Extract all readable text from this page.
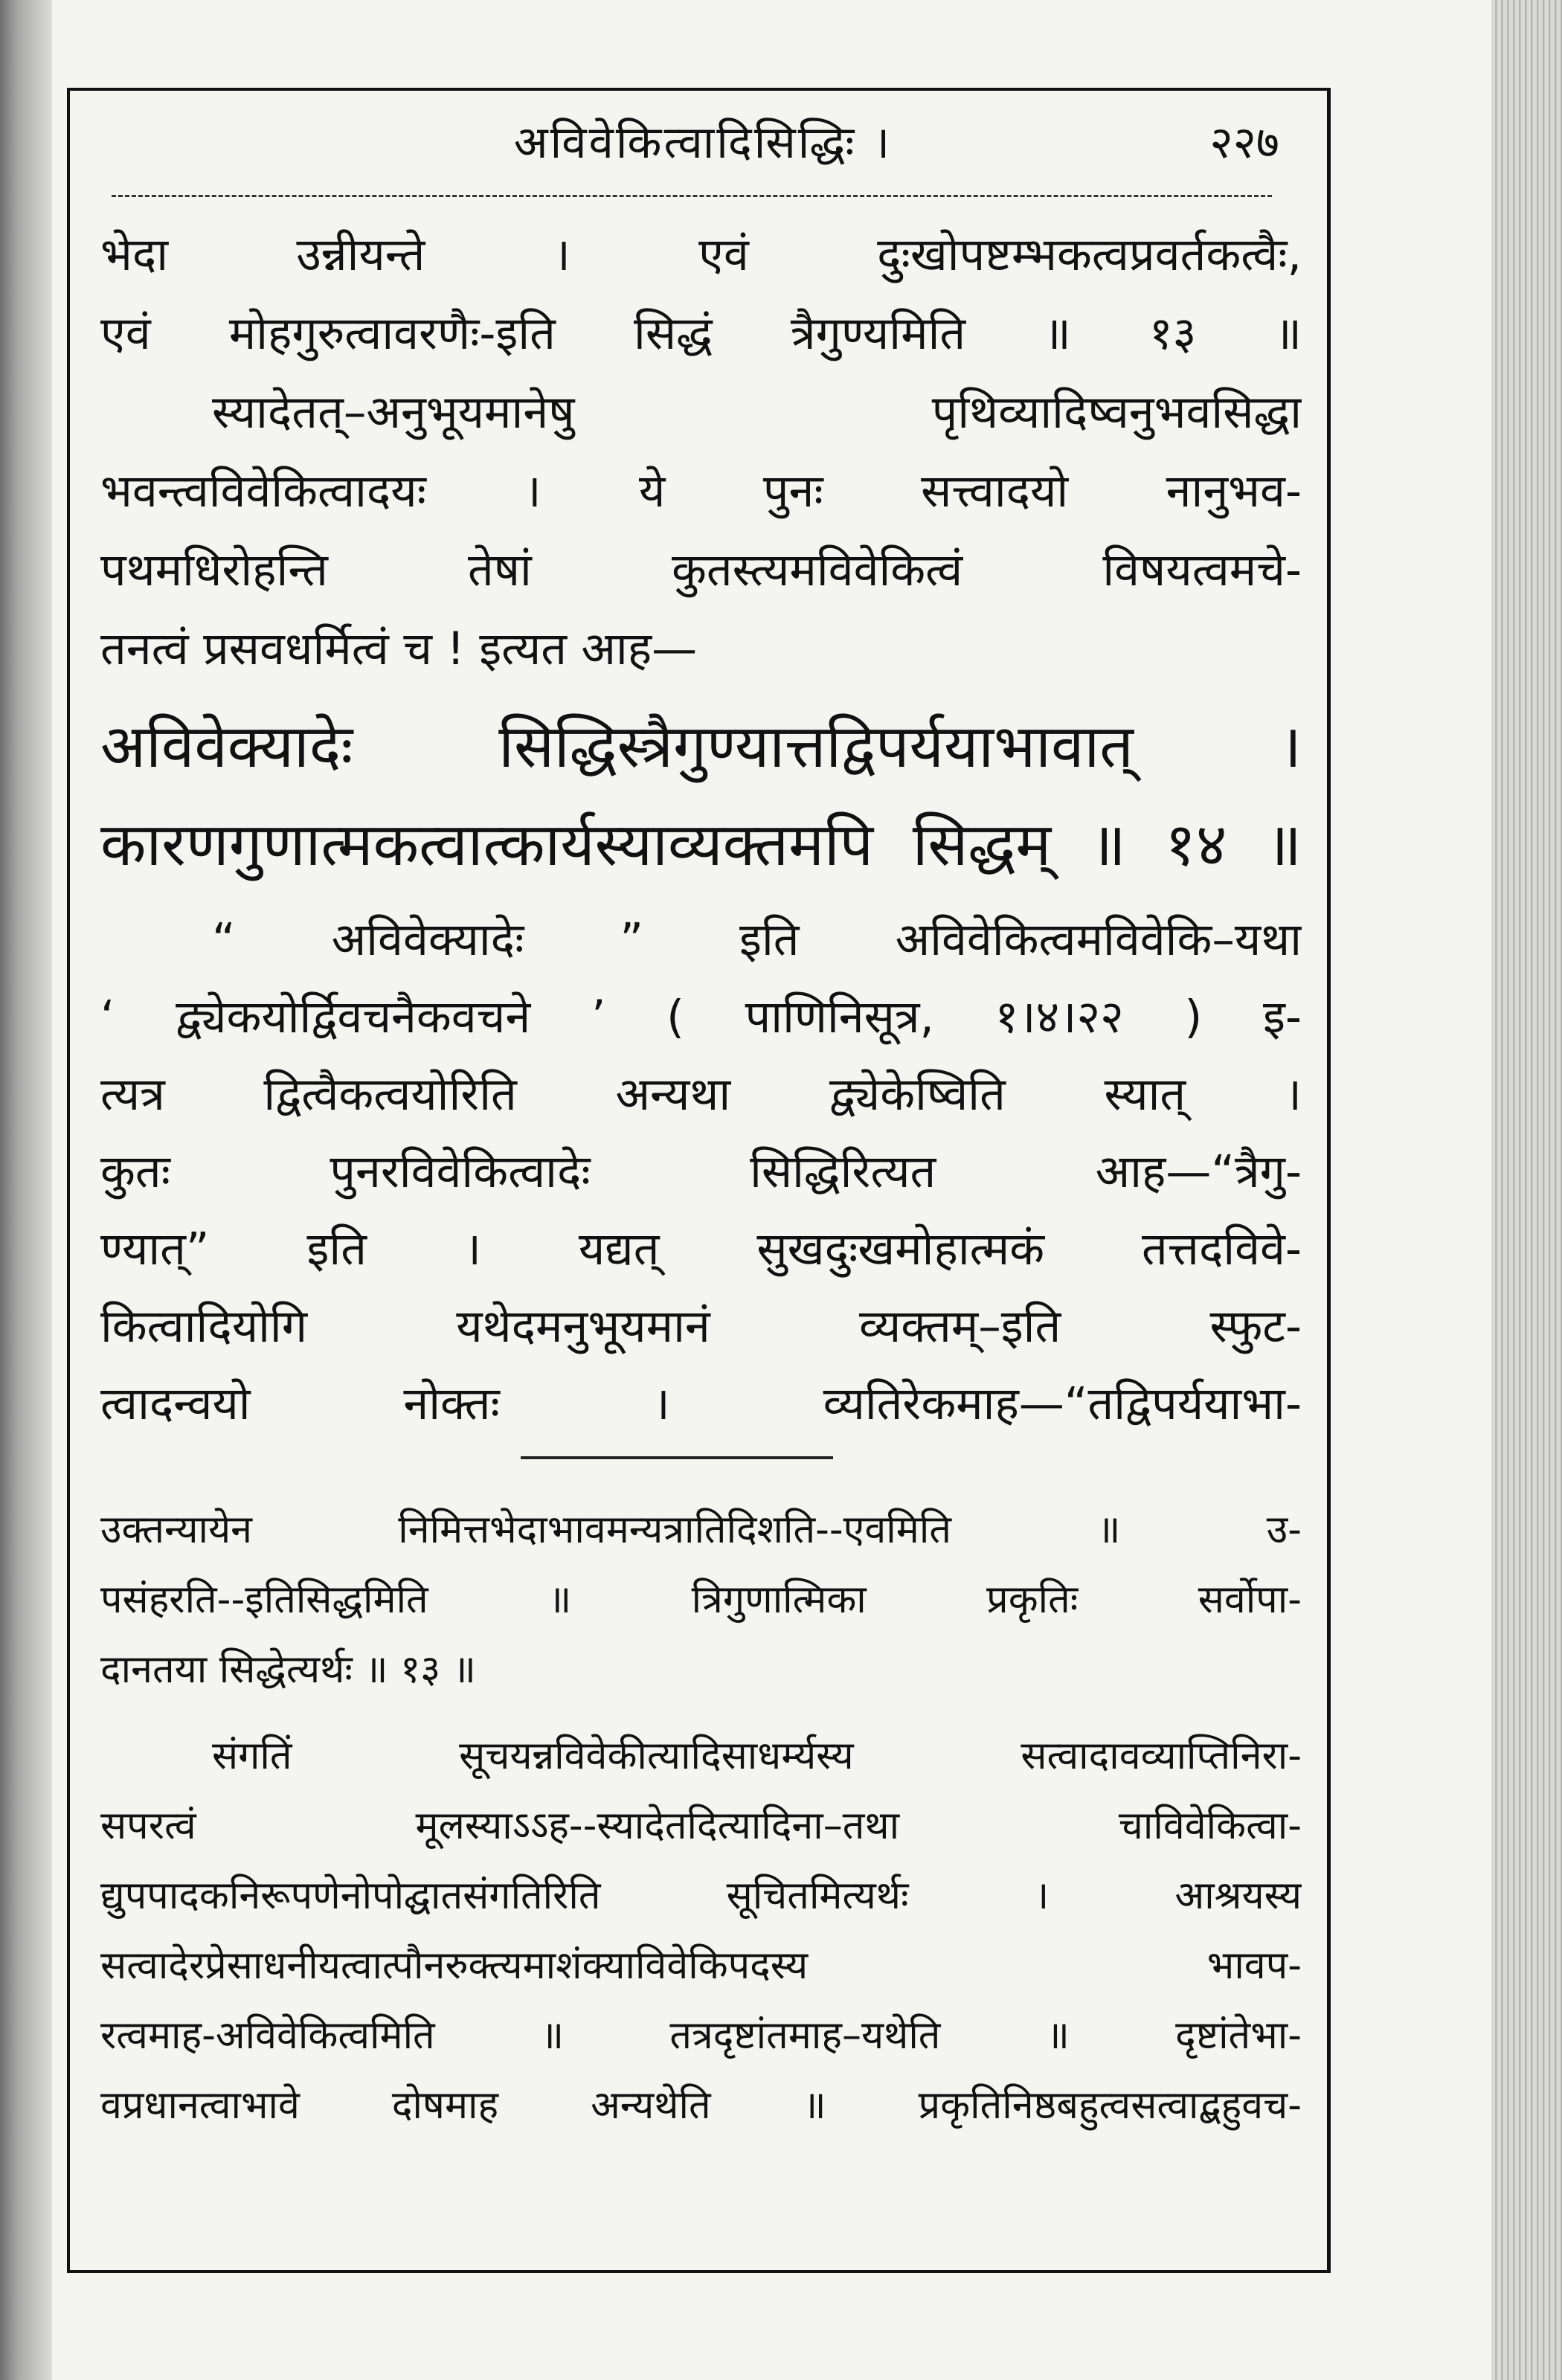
अविवेकित्वादिसिद्धिः ।	२२७
भेदा उन्नीयन्ते । एवं दुःखोपष्टम्भकत्वप्रवर्तकत्वैः,
एवं मोहगुरुत्वावरणैः-इति सिद्धं त्रैगुण्यमिति ॥ १३ ॥
स्यादेतत्–अनुभूयमानेषु पृथिव्यादिष्वनुभवसिद्धा
भवन्त्वविवेकित्वादयः । ये पुनः सत्त्वादयो नानुभव-
पथमधिरोहन्ति तेषां कुतस्त्यमविवेकित्वं विषयत्वमचे-
तनत्वं प्रसवधर्मित्वं च ! इत्यत आह—
अविवेक्यादेः सिद्धिस्त्रैगुण्यात्तद्विपर्ययाभावात् ।
कारणगुणात्मकत्वात्कार्यस्याव्यक्तमपि सिद्धम् ॥ १४ ॥
“ अविवेक्यादेः ” इति अविवेकित्वमविवेकि–यथा
‘ द्व्येकयोर्द्विवचनैकवचने ’ ( पाणिनिसूत्र, १।४।२२ ) इ-
त्यत्र द्वित्वैकत्वयोरिति अन्यथा द्व्येकेष्विति स्यात् ।
कुतः पुनरविवेकित्वादेः सिद्धिरित्यत आह—“त्रैगु-
ण्यात्” इति । यद्यत् सुखदुःखमोहात्मकं तत्तदविवे-
कित्वादियोगि यथेदमनुभूयमानं व्यक्तम्–इति स्फुट-
त्वादन्वयो नोक्तः । व्यतिरेकमाह—“तद्विपर्ययाभा-
उक्तन्यायेन निमित्तभेदाभावमन्यत्रातिदिशति--एवमिति ॥ उ-
पसंहरति--इतिसिद्धमिति ॥ त्रिगुणात्मिका प्रकृतिः सर्वोपा-
दानतया सिद्धेत्यर्थः ॥ १३ ॥
संगतिं सूचयन्नविवेकीत्यादिसाधर्म्यस्य सत्वादावव्याप्तिनिरा-
सपरत्वं मूलस्याऽऽह--स्यादेतदित्यादिना–तथा चाविवेकित्वा-
द्युपपादकनिरूपणेनोपोद्घातसंगतिरिति सूचितमित्यर्थः । आश्रयस्य
सत्वादेरप्रेसाधनीयत्वात्पौनरुक्त्यमाशंक्याविवेकिपदस्य भावप-
रत्वमाह-अविवेकित्वमिति ॥ तत्रदृष्टांतमाह–यथेति ॥ दृष्टांतेभा-
वप्रधानत्वाभावे दोषमाह अन्यथेति ॥ प्रकृतिनिष्ठबहुत्वसत्वाद्बहुवच-
